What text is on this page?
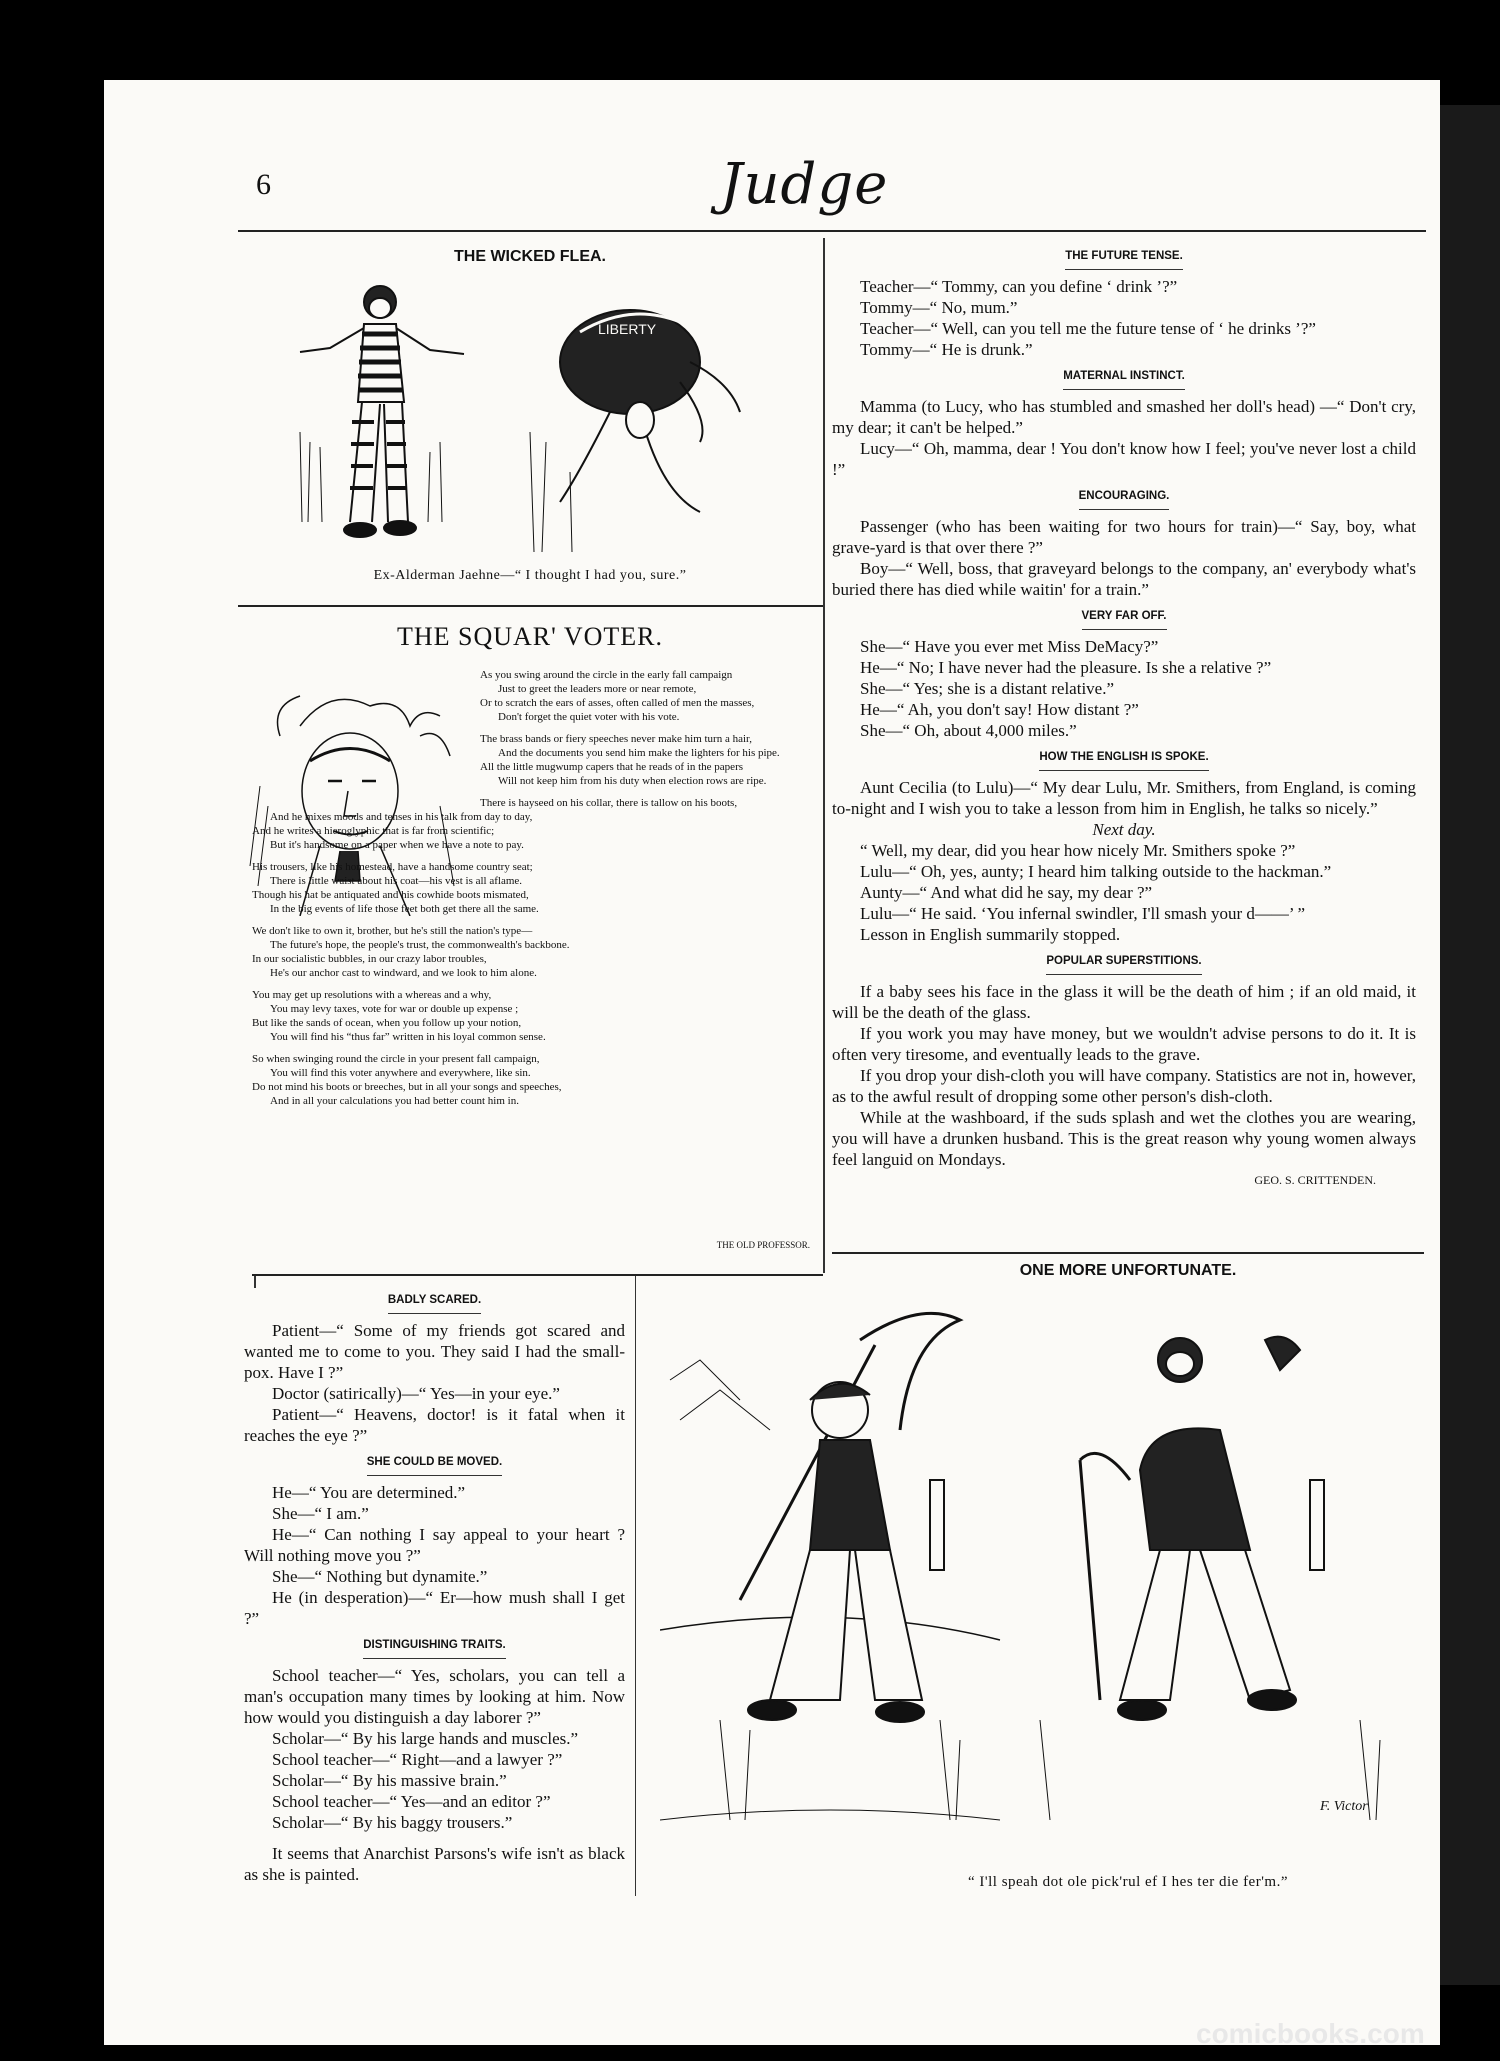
6	Judge
THE WICKED FLEA.
LIBERTY
Ex-Alderman Jaehne—“ I thought I had you, sure.”
THE SQUAR' VOTER.
As you swing around the circle in the early fall campaign
Just to greet the leaders more or near remote,
Or to scratch the ears of asses, often called of men the masses,
Don't forget the quiet voter with his vote.
The brass bands or fiery speeches never make him turn a hair,
And the documents you send him make the lighters for his pipe.
All the little mugwump capers that he reads of in the papers
Will not keep him from his duty when election rows are ripe.
There is hayseed on his collar, there is tallow on his boots,
And he mixes moods and tenses in his talk from day to day,
And he writes a hieroglyphic that is far from scientific;
But it's handsome on a paper when we have a note to pay.
His trousers, like his homestead, have a handsome country seat;
There is little waist about his coat—his vest is all aflame.
Though his hat be antiquated and his cowhide boots mismated,
In the big events of life those feet both get there all the same.
We don't like to own it, brother, but he's still the nation's type—
The future's hope, the people's trust, the commonwealth's backbone.
In our socialistic bubbles, in our crazy labor troubles,
He's our anchor cast to windward, and we look to him alone.
You may get up resolutions with a whereas and a why,
You may levy taxes, vote for war or double up expense ;
But like the sands of ocean, when you follow up your notion,
You will find his “thus far” written in his loyal common sense.
So when swinging round the circle in your present fall campaign,
You will find this voter anywhere and everywhere, like sin.
Do not mind his boots or breeches, but in all your songs and speeches,
And in all your calculations you had better count him in.
THE OLD PROFESSOR.
THE FUTURE TENSE.

Teacher—“ Tommy, can you define ‘ drink ’?”

Tommy—“ No, mum.”

Teacher—“ Well, can you tell me the future tense of ‘ he drinks ’?”

Tommy—“ He is drunk.”

MATERNAL INSTINCT.

Mamma (to Lucy, who has stumbled and smashed her doll's head) —“ Don't cry, my dear; it can't be helped.”

Lucy—“ Oh, mamma, dear ! You don't know how I feel; you've never lost a child !”

ENCOURAGING.

Passenger (who has been waiting for two hours for train)—“ Say, boy, what grave-yard is that over there ?”

Boy—“ Well, boss, that graveyard belongs to the company, an' everybody what's buried there has died while waitin' for a train.”

VERY FAR OFF.

She—“ Have you ever met Miss DeMacy?”

He—“ No; I have never had the pleasure. Is she a relative ?”

She—“ Yes; she is a distant relative.”

He—“ Ah, you don't say! How distant ?”

She—“ Oh, about 4,000 miles.”

HOW THE ENGLISH IS SPOKE.

Aunt Cecilia (to Lulu)—“ My dear Lulu, Mr. Smithers, from England, is coming to-night and I wish you to take a lesson from him in English, he talks so nicely.”

Next day.

“ Well, my dear, did you hear how nicely Mr. Smithers spoke ?”

Lulu—“ Oh, yes, aunty; I heard him talking outside to the hackman.”

Aunty—“ And what did he say, my dear ?”

Lulu—“ He said. ‘You infernal swindler, I'll smash your d——’ ”

Lesson in English summarily stopped.

POPULAR SUPERSTITIONS.

If a baby sees his face in the glass it will be the death of him ; if an old maid, it will be the death of the glass.

If you work you may have money, but we wouldn't advise persons to do it. It is often very tiresome, and eventually leads to the grave.

If you drop your dish-cloth you will have company. Statistics are not in, however, as to the awful result of dropping some other person's dish-cloth.

While at the washboard, if the suds splash and wet the clothes you are wearing, you will have a drunken husband. This is the great reason why young women always feel languid on Mondays.

GEO. S. CRITTENDEN.

ONE MORE UNFORTUNATE.
F. Victor
“ I'll speah dot ole pick'rul ef I hes ter die fer'm.”
BADLY SCARED.

Patient—“ Some of my friends got scared and wanted me to come to you. They said I had the small-pox. Have I ?”

Doctor (satirically)—“ Yes—in your eye.”

Patient—“ Heavens, doctor! is it fatal when it reaches the eye ?”

SHE COULD BE MOVED.

He—“ You are determined.”

She—“ I am.”

He—“ Can nothing I say appeal to your heart ? Will nothing move you ?”

She—“ Nothing but dynamite.”

He (in desperation)—“ Er—how mush shall I get ?”

DISTINGUISHING TRAITS.

School teacher—“ Yes, scholars, you can tell a man's occupation many times by looking at him. Now how would you distinguish a day laborer ?”

Scholar—“ By his large hands and muscles.”

School teacher—“ Right—and a lawyer ?”

Scholar—“ By his massive brain.”

School teacher—“ Yes—and an editor ?”

Scholar—“ By his baggy trousers.”

It seems that Anarchist Parsons's wife isn't as black as she is painted.

comicbooks.com
